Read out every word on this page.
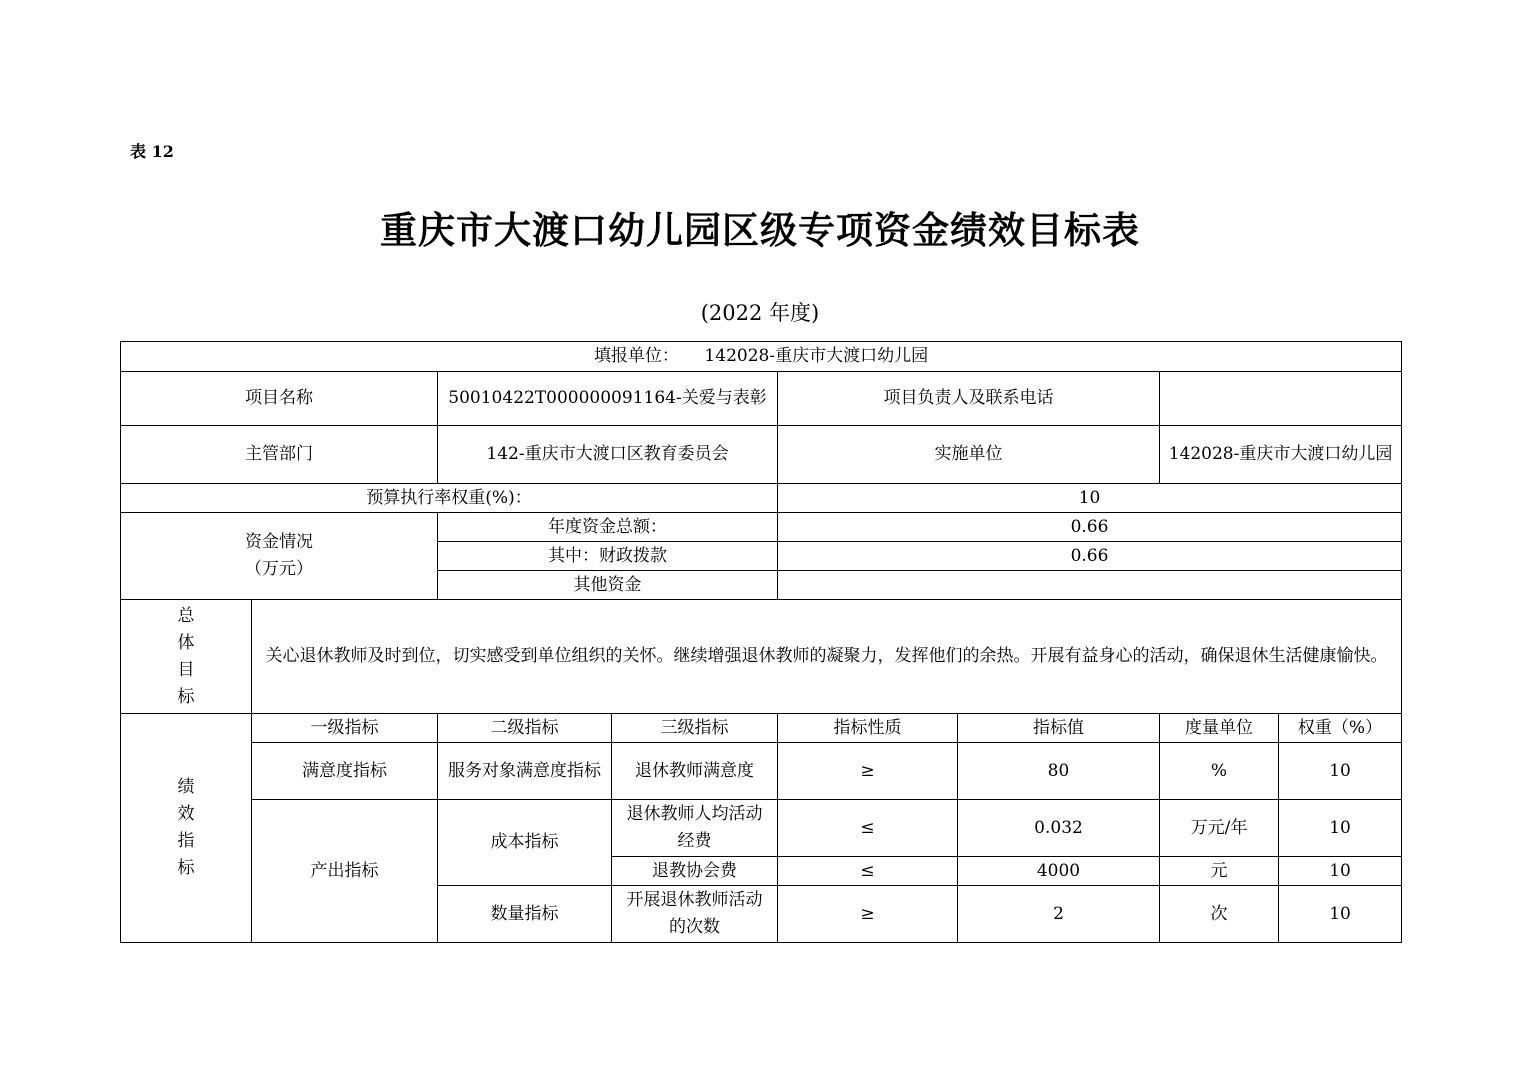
表 12
重庆市大渡口幼儿园区级专项资金绩效目标表
(2022 年度)
填报单位：　　142028-重庆市大渡口幼儿园							
项目名称		50010422T000000091164-关爱与表彰		项目负责人及联系电话			
主管部门		142-重庆市大渡口区教育委员会		实施单位		142028-重庆市大渡口幼儿园	
预算执行率权重(%)：				10			

资金情况
（万元）		年度资金总额：		0.66			
		其中：财政拨款		0.66			
		其他资金					

总
体
目
标	关心退休教师及时到位，切实感受到单位组织的关怀。继续增强退休教师的凝聚力，发挥他们的余热。开展有益身心的活动，确保退休生活健康愉快。						

绩
效
指
标	一级指标	二级指标	三级指标	指标性质	指标值	度量单位	权重（%）
	满意度指标	服务对象满意度指标	退休教师满意度	≥	80	%	10
	产出指标	成本指标	退休教师人均活动经费	≤	0.032	万元/年	10
			退教协会费	≤	4000	元	10
		数量指标	开展退休教师活动的次数	≥	2	次	10
